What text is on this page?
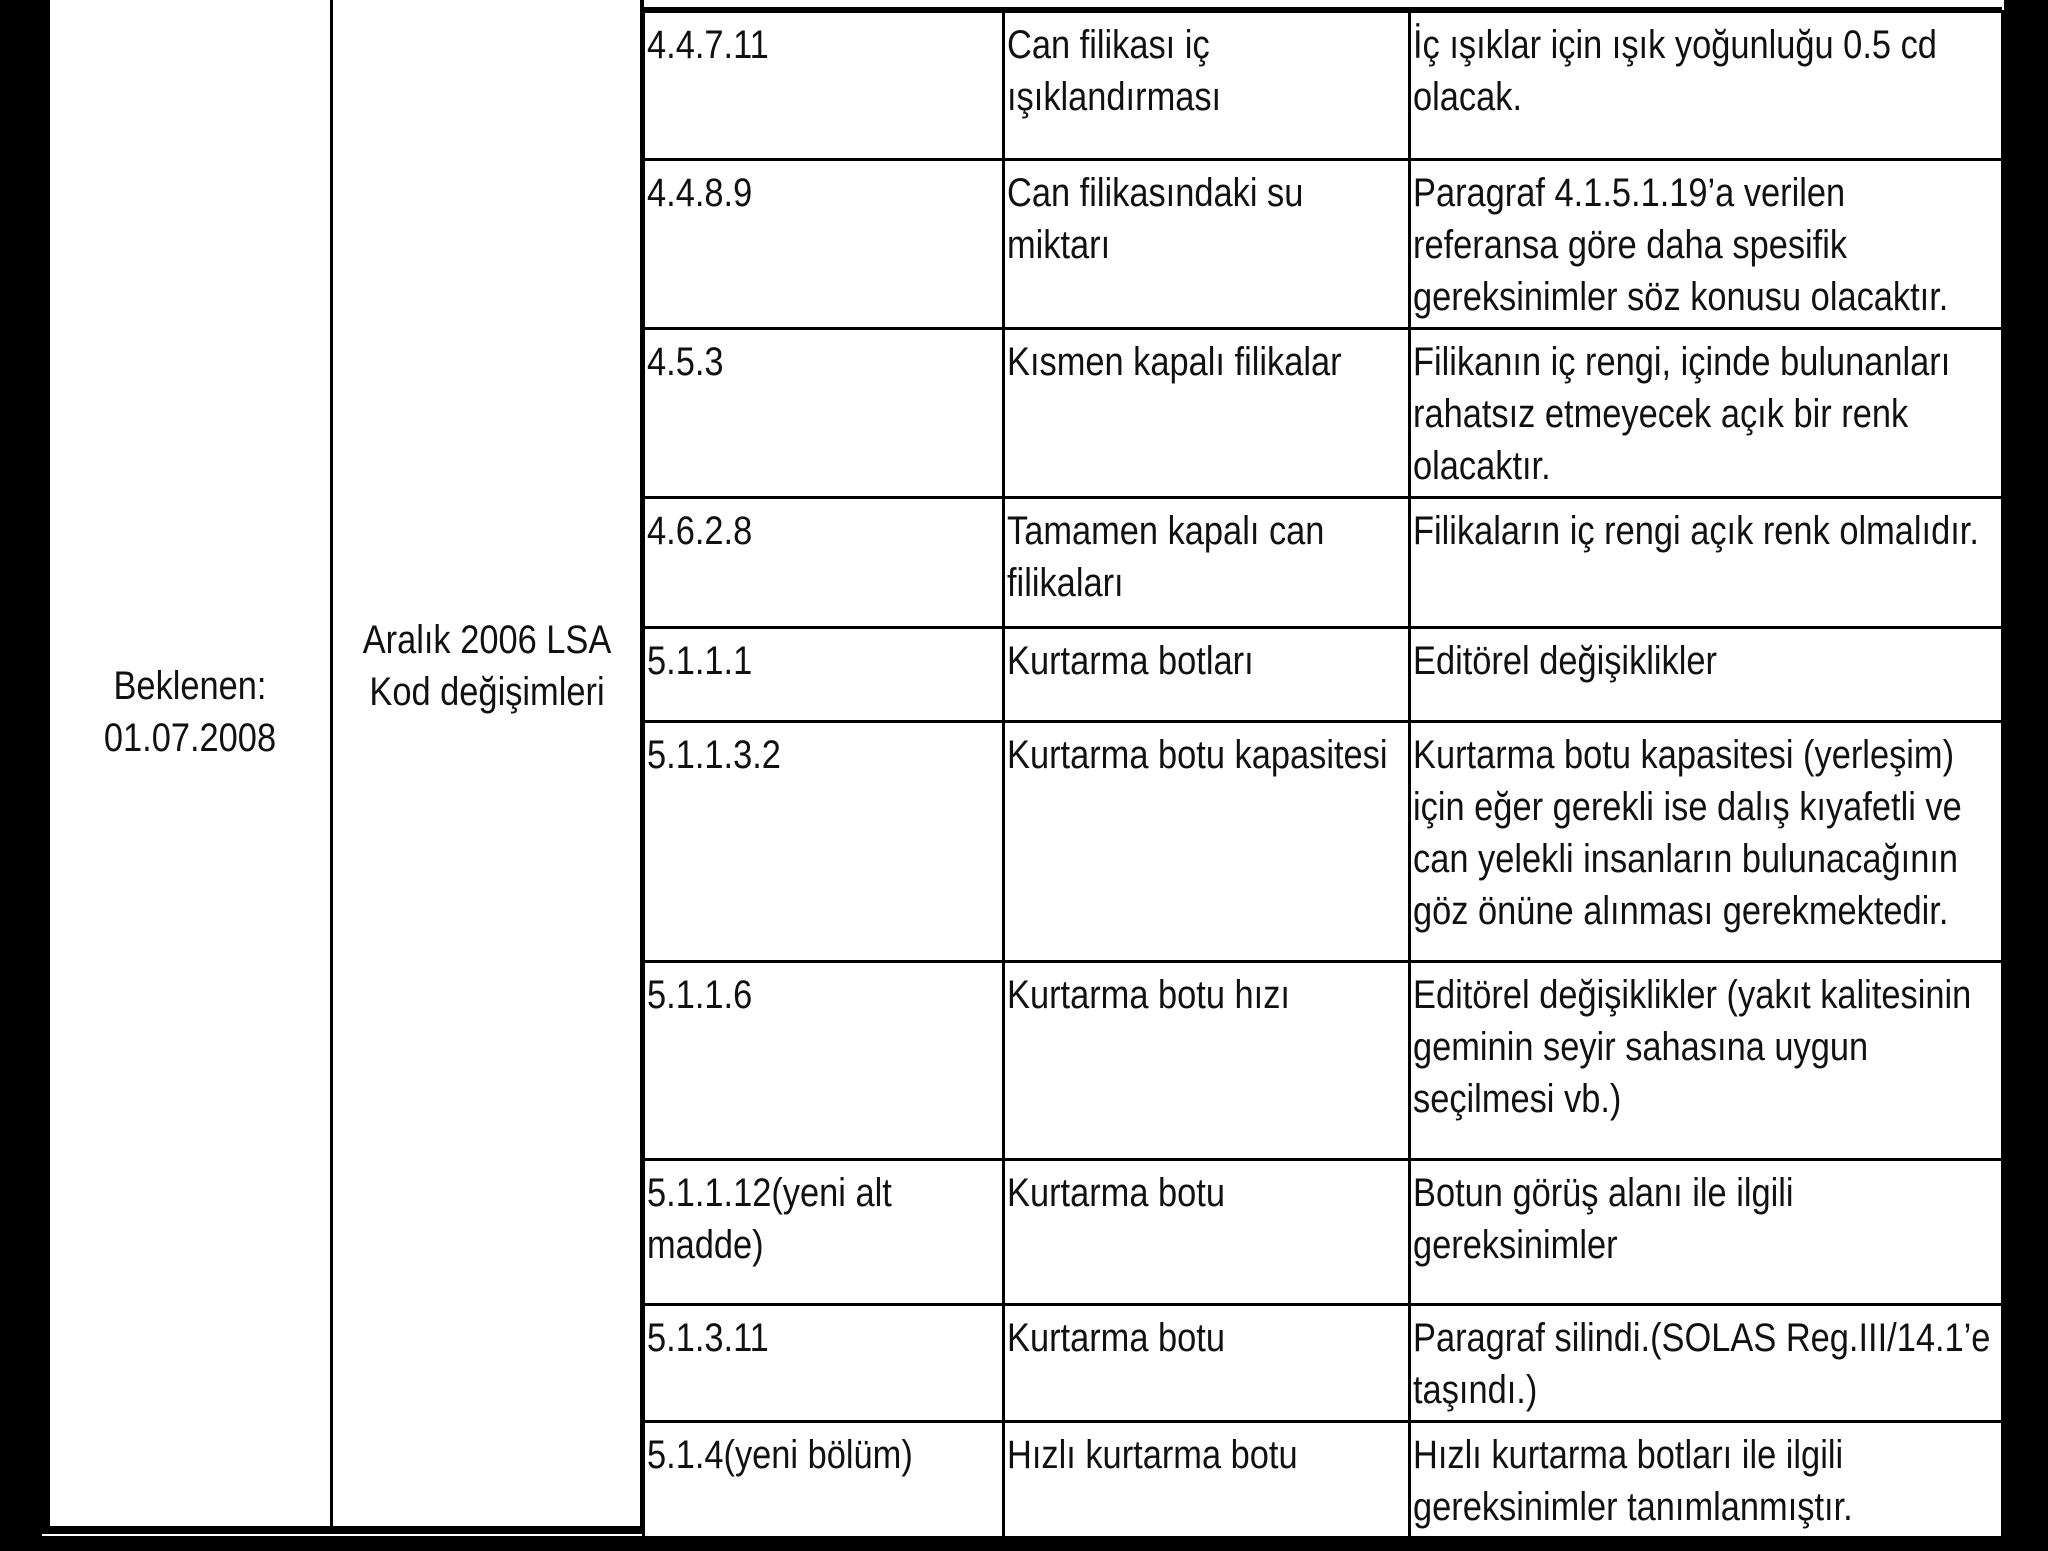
Beklenen:
01.07.2008
Aralık 2006 LSA
Kod değişimleri
4.4.7.11	Can filikası iç ışıklandırması	İç ışıklar için ışık yoğunluğu 0.5 cd olacak.

4.4.8.9	Can filikasındaki su miktarı	Paragraf 4.1.5.1.19’a verilen referansa göre daha spesifik gereksinimler söz konusu olacaktır.

4.5.3	Kısmen kapalı filikalar	Filikanın iç rengi, içinde bulunanları rahatsız etmeyecek açık bir renk olacaktır.

4.6.2.8	Tamamen kapalı can filikaları	Filikaların iç rengi açık renk olmalıdır.

5.1.1.1	Kurtarma botları	Editörel değişiklikler

5.1.1.3.2	Kurtarma botu kapasitesi	Kurtarma botu kapasitesi (yerleşim) için eğer gerekli ise dalış kıyafetli ve can yelekli insanların bulunacağının göz önüne alınması gerekmektedir.

5.1.1.6	Kurtarma botu hızı	Editörel değişiklikler (yakıt kalitesinin geminin seyir sahasına uygun seçilmesi vb.)

5.1.1.12(yeni alt madde)	Kurtarma botu	Botun görüş alanı ile ilgili gereksinimler

5.1.3.11	Kurtarma botu	Paragraf silindi.(SOLAS Reg.III/14.1’e taşındı.)

5.1.4(yeni bölüm)	Hızlı kurtarma botu	Hızlı kurtarma botları ile ilgili gereksinimler tanımlanmıştır.
